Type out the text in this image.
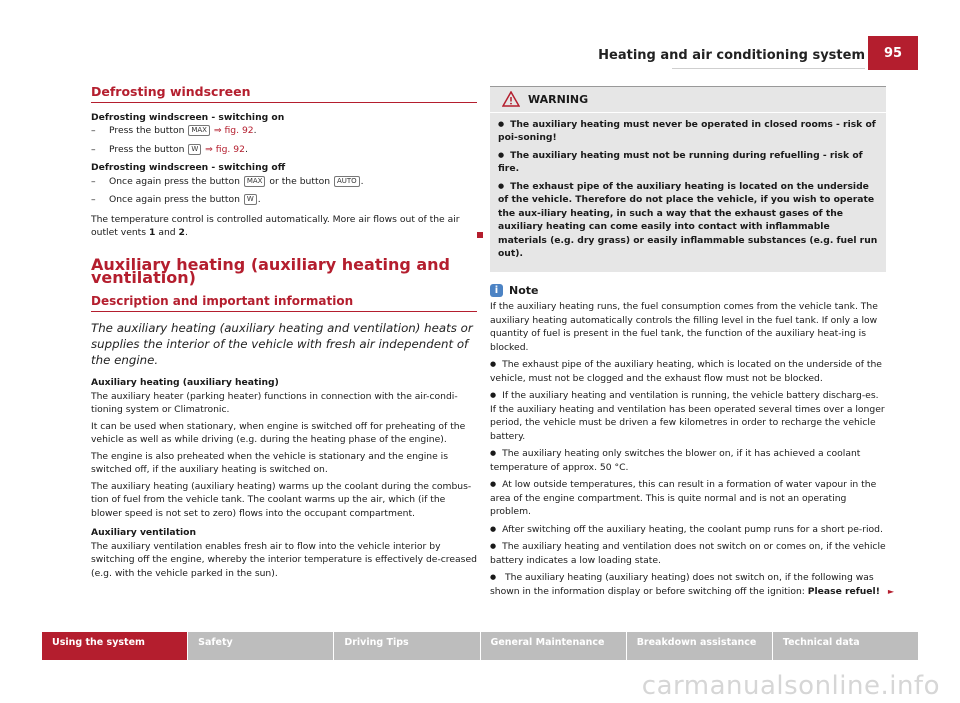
Heating and air conditioning system	95
Defrosting windscreen

Defrosting windscreen - switching on

– Press the button MAX ⇒ fig. 92.
– Press the button W ⇒ fig. 92.

Defrosting windscreen - switching off

– Once again press the button MAX or the button AUTO .
– Once again press the button W .

The temperature control is controlled automatically. More air flows out of the air outlet vents 1 and 2.

Auxiliary heating (auxiliary heating and ventilation)
Description and important information

The auxiliary heating (auxiliary heating and ventilation) heats or supplies the interior of the vehicle with fresh air independent of the engine.

Auxiliary heating (auxiliary heating)

The auxiliary heater (parking heater) functions in connection with the air-condi-tioning system or Climatronic.

It can be used when stationary, when engine is switched off for preheating of the vehicle as well as while driving (e.g. during the heating phase of the engine).

The engine is also preheated when the vehicle is stationary and the engine is switched off, if the auxiliary heating is switched on.

The auxiliary heating (auxiliary heating) warms up the coolant during the combus-tion of fuel from the vehicle tank. The coolant warms up the air, which (if the blower speed is not set to zero) flows into the occupant compartment.

Auxiliary ventilation

The auxiliary ventilation enables fresh air to flow into the vehicle interior by switching off the engine, whereby the interior temperature is effectively de-creased (e.g. with the vehicle parked in the sun).

WARNING

● The auxiliary heating must never be operated in closed rooms - risk of poi-soning!

● The auxiliary heating must not be running during refuelling - risk of fire.

● The exhaust pipe of the auxiliary heating is located on the underside of the vehicle. Therefore do not place the vehicle, if you wish to operate the aux-iliary heating, in such a way that the exhaust gases of the auxiliary heating can come easily into contact with inflammable materials (e.g. dry grass) or easily inflammable substances (e.g. fuel run out).

i Note

If the auxiliary heating runs, the fuel consumption comes from the vehicle tank. The auxiliary heating automatically controls the filling level in the fuel tank. If only a low quantity of fuel is present in the fuel tank, the function of the auxiliary heat-ing is blocked.

● The exhaust pipe of the auxiliary heating, which is located on the underside of the vehicle, must not be clogged and the exhaust flow must not be blocked.

● If the auxiliary heating and ventilation is running, the vehicle battery discharg-es. If the auxiliary heating and ventilation has been operated several times over a longer period, the vehicle must be driven a few kilometres in order to recharge the vehicle battery.

● The auxiliary heating only switches the blower on, if it has achieved a coolant temperature of approx. 50 °C.

● At low outside temperatures, this can result in a formation of water vapour in the area of the engine compartment. This is quite normal and is not an operating problem.

● After switching off the auxiliary heating, the coolant pump runs for a short pe-riod.

● The auxiliary heating and ventilation does not switch on or comes on, if the vehicle battery indicates a low loading state.

● The auxiliary heating (auxiliary heating) does not switch on, if the following was shown in the information display or before switching off the ignition: Please refuel! ►

Using the system	Safety	Driving Tips	General Maintenance	Breakdown assistance	Technical data
carmanualsonline.info
